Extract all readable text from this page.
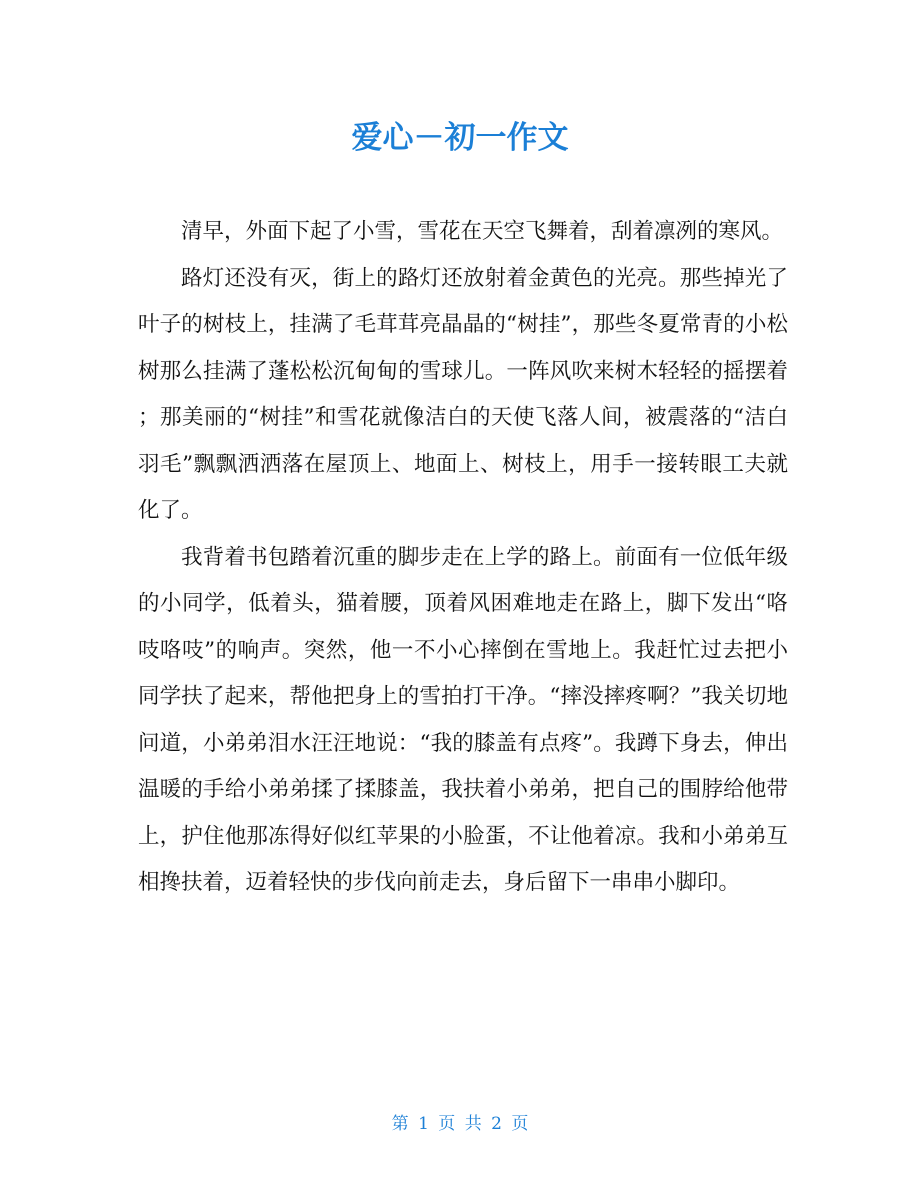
爱心－初一作文

清早，外面下起了小雪，雪花在天空飞舞着，刮着凛冽的寒风。

路灯还没有灭，街上的路灯还放射着金黄色的光亮。那些掉光了叶子的树枝上，挂满了毛茸茸亮晶晶的“树挂”，那些冬夏常青的小松树那么挂满了蓬松松沉甸甸的雪球儿。一阵风吹来树木轻轻的摇摆着；那美丽的“树挂”和雪花就像洁白的天使飞落人间，被震落的“洁白羽毛”飘飘洒洒落在屋顶上、地面上、树枝上，用手一接转眼工夫就化了。

我背着书包踏着沉重的脚步走在上学的路上。前面有一位低年级的小同学，低着头，猫着腰，顶着风困难地走在路上，脚下发出“咯吱咯吱”的响声。突然，他一不小心摔倒在雪地上。我赶忙过去把小同学扶了起来，帮他把身上的雪拍打干净。“摔没摔疼啊？”我关切地问道，小弟弟泪水汪汪地说：“我的膝盖有点疼”。我蹲下身去，伸出温暖的手给小弟弟揉了揉膝盖，我扶着小弟弟，把自己的围脖给他带上，护住他那冻得好似红苹果的小脸蛋，不让他着凉。我和小弟弟互相搀扶着，迈着轻快的步伐向前走去，身后留下一串串小脚印。

第 1 页 共 2 页
